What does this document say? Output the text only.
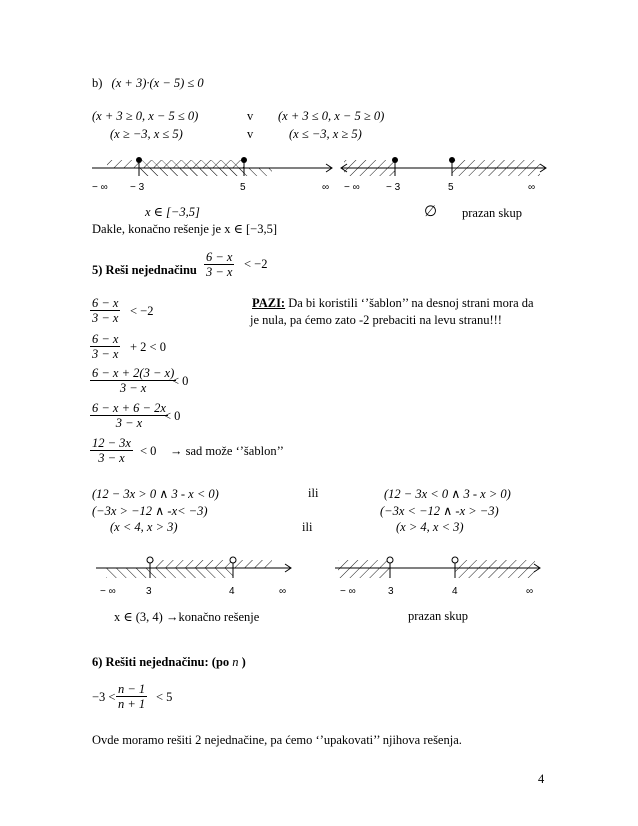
b) (x + 3)·(x − 5) ≤ 0
(x + 3 ≥ 0, x − 5 ≤ 0)	v (x + 3 ≤ 0, x − 5 ≥ 0)
(x ≥ −3, x ≤ 5)	v	(x ≤ −3, x ≥ 5)
− ∞ − 3	5	∞ − ∞	− 3	5	∞
x ∈ [−3,5]	∅ prazan skup
Dakle, konačno rešenje je x ∈ [−3,5]
5) Reši nejednačinu $\frac{6 - x}{3 - x} < -2$
$\frac{6 - x}{3 - x} < -2$
$\frac{6 - x}{3 - x} + 2 < 0$
$\frac{6 - x + 2(3 - x)}{3 - x}$
< 0
$\frac{6 - x + 6 - 2x}{3 - x}$
< 0
$\frac{12 - 3x}{3 - x} < 0$ → sad može ‘’šablon’’
PAZI: Da bi koristili ‘’šablon’’ na desnoj strani mora da
je nula, pa ćemo zato -2 prebaciti na levu stranu!!!
(12 − 3x > 0 ∧ 3 - x < 0)
(−3x > −12 ∧ -x< −3)
(x < 4, x > 3)
ili
ili
(12 − 3x < 0 ∧ 3 - x > 0)
(−3x < −12 ∧ -x > −3)
(x > 4, x < 3)
− ∞	3	4	∞	− ∞	3	4	∞
x ∈ (3, 4) →konačno rešenje	prazan skup
6) Rešiti nejednačinu: (po n )
$-3 < \frac{n - 1}{n + 1} < 5$
Ovde moramo rešiti 2 nejednačine, pa ćemo ‘’upakovati’’ njihova rešenja.
4
